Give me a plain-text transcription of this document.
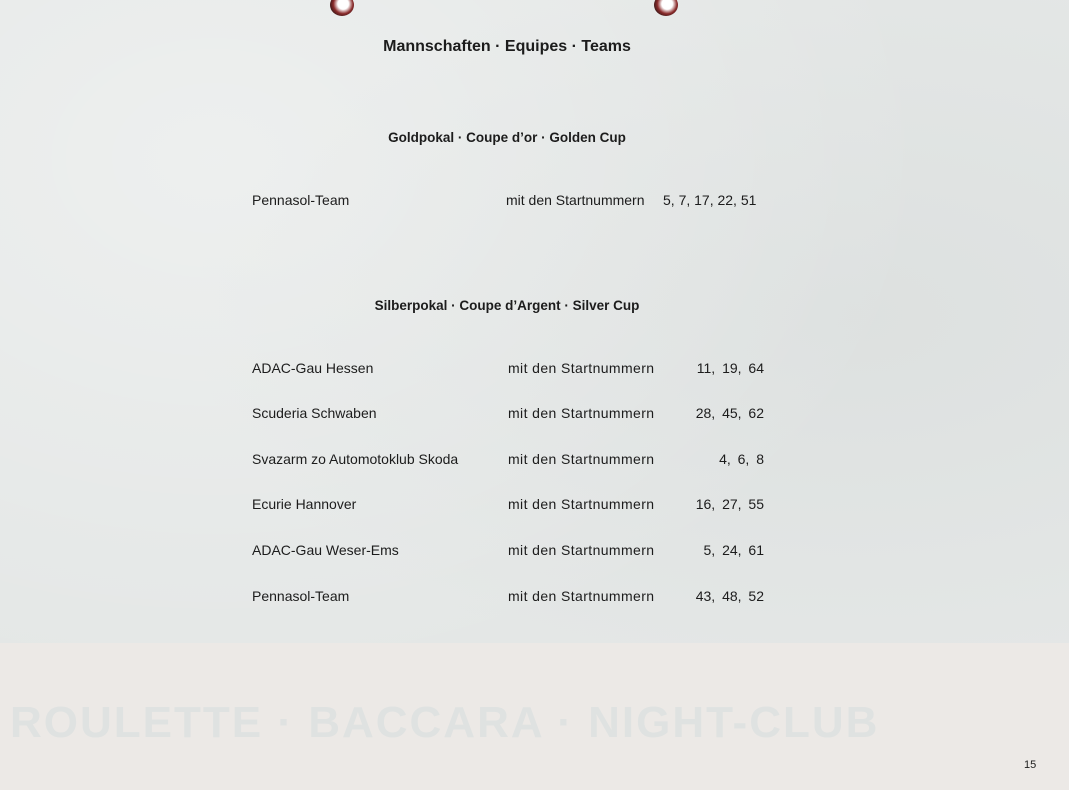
ROULETTE · BACCARA · NIGHT-CLUB
Mannschaften · Equipes · Teams
Goldpokal · Coupe d’or · Golden Cup
Pennasol-Team	mit den Startnummern 5, 7, 17, 22, 51
Silberpokal · Coupe d’Argent · Silver Cup
ADAC-Gau Hessen	mit den Startnummern	11, 19, 64
Scuderia Schwaben	mit den Startnummern	28, 45, 62
Svazarm zo Automotoklub Skoda	mit den Startnummern	4, 6, 8
Ecurie Hannover	mit den Startnummern	16, 27, 55
ADAC-Gau Weser-Ems	mit den Startnummern	5, 24, 61
Pennasol-Team	mit den Startnummern	43, 48, 52
15
